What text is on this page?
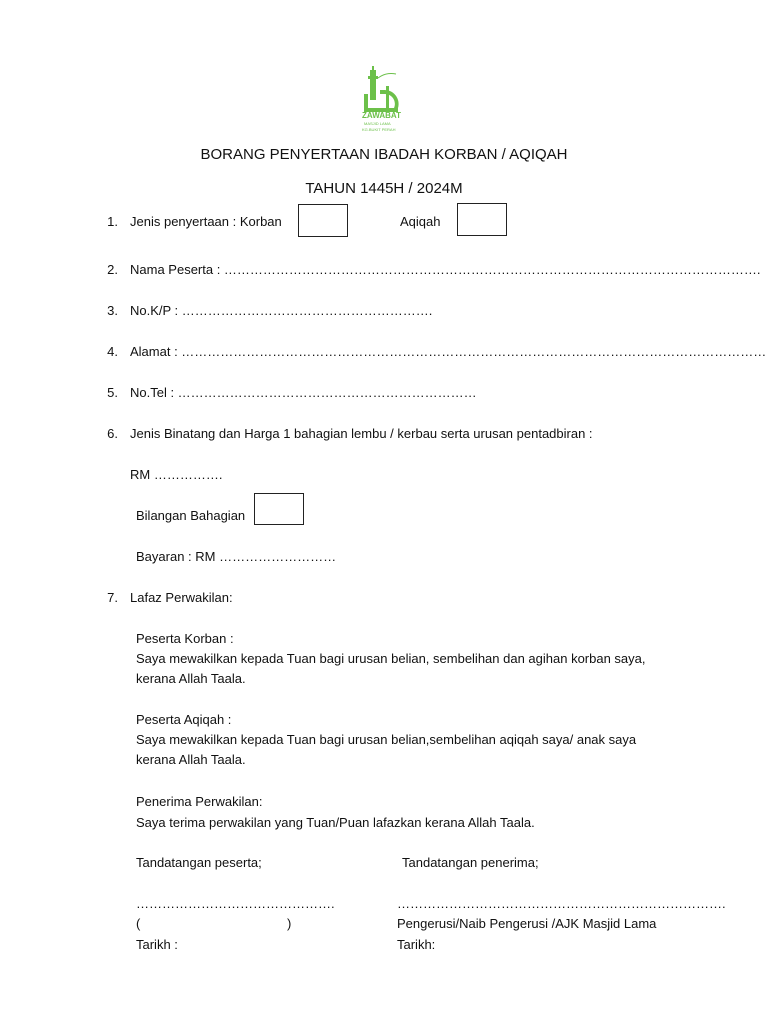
ZAWABAT
MASJID LAMA
KG.BUKIT PERAH
BORANG PENYERTAAN IBADAH KORBAN / AQIQAH
TAHUN 1445H / 2024M
1. Jenis penyertaan : Korban	Aqiqah
2. Nama Peserta : …………………………………………………………………………………………………………….
3. No.K/P : ………………………………………………….
4. Alamat : ………………………………………………………………………………………………………………………
5. No.Tel : ……………………………………………………………
6. Jenis Binatang dan Harga 1 bahagian lembu / kerbau serta urusan pentadbiran :
RM …………….
Bilangan Bahagian
Bayaran : RM ………………………
7. Lafaz Perwakilan:
Peserta Korban :
Saya mewakilkan kepada Tuan bagi urusan belian, sembelihan dan agihan korban saya,
kerana Allah Taala.
Peserta Aqiqah :
Saya mewakilkan kepada Tuan bagi urusan belian,sembelihan aqiqah saya/ anak saya
kerana Allah Taala.
Penerima Perwakilan:
Saya terima perwakilan yang Tuan/Puan lafazkan kerana Allah Taala.
Tandatangan peserta;	Tandatangan penerima;
……………………………………….	………………………………………………………………….
(	)	Pengerusi/Naib Pengerusi /AJK Masjid Lama
Tarikh :	Tarikh:
